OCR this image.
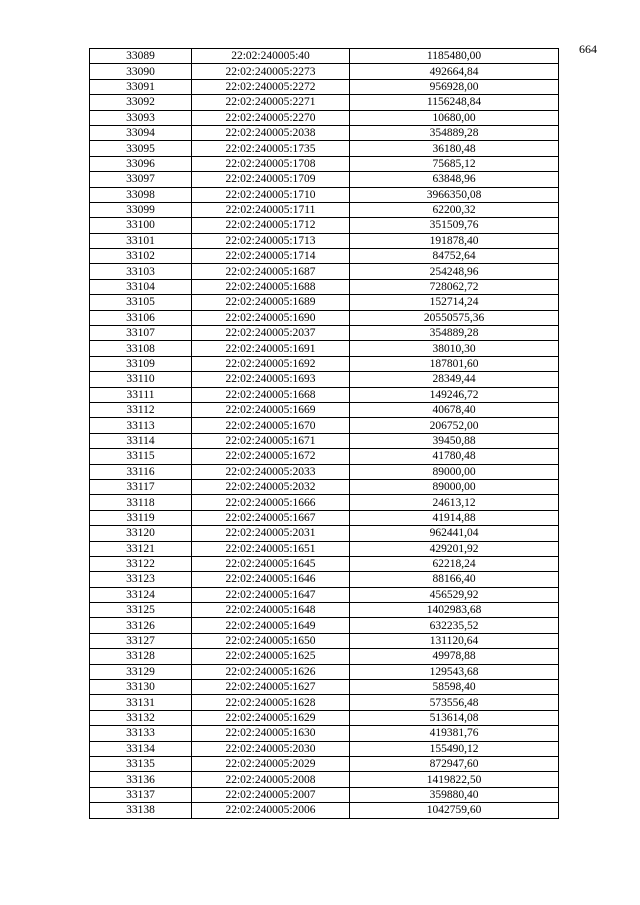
664
33089	22:02:240005:40	1185480,00
33090	22:02:240005:2273	492664,84
33091	22:02:240005:2272	956928,00
33092	22:02:240005:2271	1156248,84
33093	22:02:240005:2270	10680,00
33094	22:02:240005:2038	354889,28
33095	22:02:240005:1735	36180,48
33096	22:02:240005:1708	75685,12
33097	22:02:240005:1709	63848,96
33098	22:02:240005:1710	3966350,08
33099	22:02:240005:1711	62200,32
33100	22:02:240005:1712	351509,76
33101	22:02:240005:1713	191878,40
33102	22:02:240005:1714	84752,64
33103	22:02:240005:1687	254248,96
33104	22:02:240005:1688	728062,72
33105	22:02:240005:1689	152714,24
33106	22:02:240005:1690	20550575,36
33107	22:02:240005:2037	354889,28
33108	22:02:240005:1691	38010,30
33109	22:02:240005:1692	187801,60
33110	22:02:240005:1693	28349,44
33111	22:02:240005:1668	149246,72
33112	22:02:240005:1669	40678,40
33113	22:02:240005:1670	206752,00
33114	22:02:240005:1671	39450,88
33115	22:02:240005:1672	41780,48
33116	22:02:240005:2033	89000,00
33117	22:02:240005:2032	89000,00
33118	22:02:240005:1666	24613,12
33119	22:02:240005:1667	41914,88
33120	22:02:240005:2031	962441,04
33121	22:02:240005:1651	429201,92
33122	22:02:240005:1645	62218,24
33123	22:02:240005:1646	88166,40
33124	22:02:240005:1647	456529,92
33125	22:02:240005:1648	1402983,68
33126	22:02:240005:1649	632235,52
33127	22:02:240005:1650	131120,64
33128	22:02:240005:1625	49978,88
33129	22:02:240005:1626	129543,68
33130	22:02:240005:1627	58598,40
33131	22:02:240005:1628	573556,48
33132	22:02:240005:1629	513614,08
33133	22:02:240005:1630	419381,76
33134	22:02:240005:2030	155490,12
33135	22:02:240005:2029	872947,60
33136	22:02:240005:2008	1419822,50
33137	22:02:240005:2007	359880,40
33138	22:02:240005:2006	1042759,60
